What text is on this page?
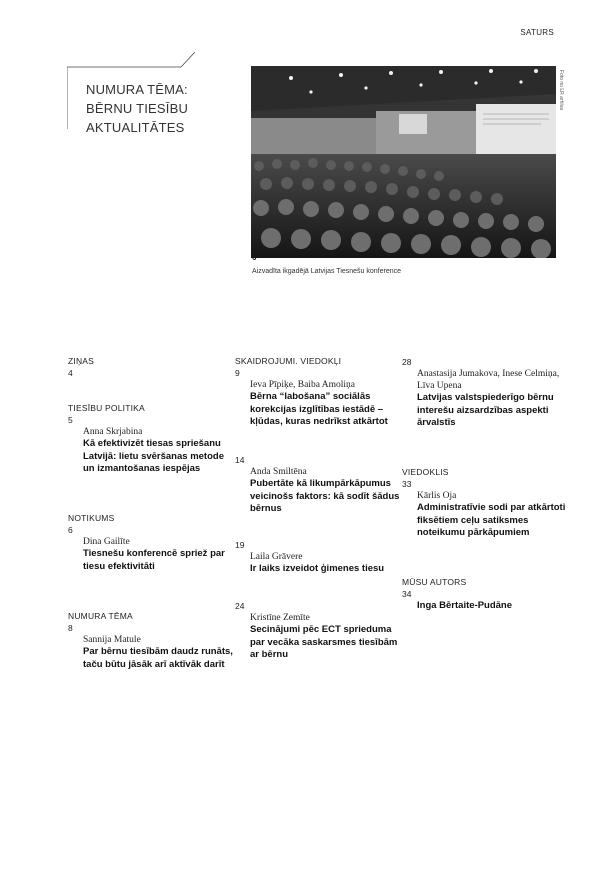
SATURS
NUMURA TĒMA:
BĒRNU TIESĪBU
AKTUALITĀTES
Foto no LR arhīva
6
Aizvadīta ikgadējā Latvijas Tiesnešu konference
ZIŅAS
4
TIESĪBU POLITIKA
5
Anna Skrjabina
Kā efektivizēt tiesas spriešanu Latvijā: lietu svēršanas metode un izmantošanas iespējas
NOTIKUMS
6
Dina Gailīte
Tiesnešu konferencē spriež par tiesu efektivitāti
NUMURA TĒMA
8
Sannija Matule
Par bērnu tiesībām daudz runāts, taču būtu jāsāk arī aktīvāk darīt
SKAIDROJUMI. VIEDOKĻI
9
Ieva Pīpiķe, Baiba Amoliņa
Bērna “labošana” sociālās korekcijas izglītības iestādē – kļūdas, kuras nedrīkst atkārtot
14
Anda Smiltēna
Pubertāte kā likumpārkāpumus veicinošs faktors: kā sodīt šādus bērnus
19
Laila Grāvere
Ir laiks izveidot ģimenes tiesu
24
Kristīne Zemīte
Secinājumi pēc ECT sprieduma par vecāka saskarsmes tiesībām ar bērnu
28
Anastasija Jumakova, Inese Celmiņa, Līva Upena
Latvijas valstspiederīgo bērnu interešu aizsardzības aspekti ārvalstīs
VIEDOKLIS
33
Kārlis Oja
Administratīvie sodi par atkārtoti fiksētiem ceļu satiksmes noteikumu pārkāpumiem
MŪSU AUTORS
34
Inga Bērtaite-Pudāne
